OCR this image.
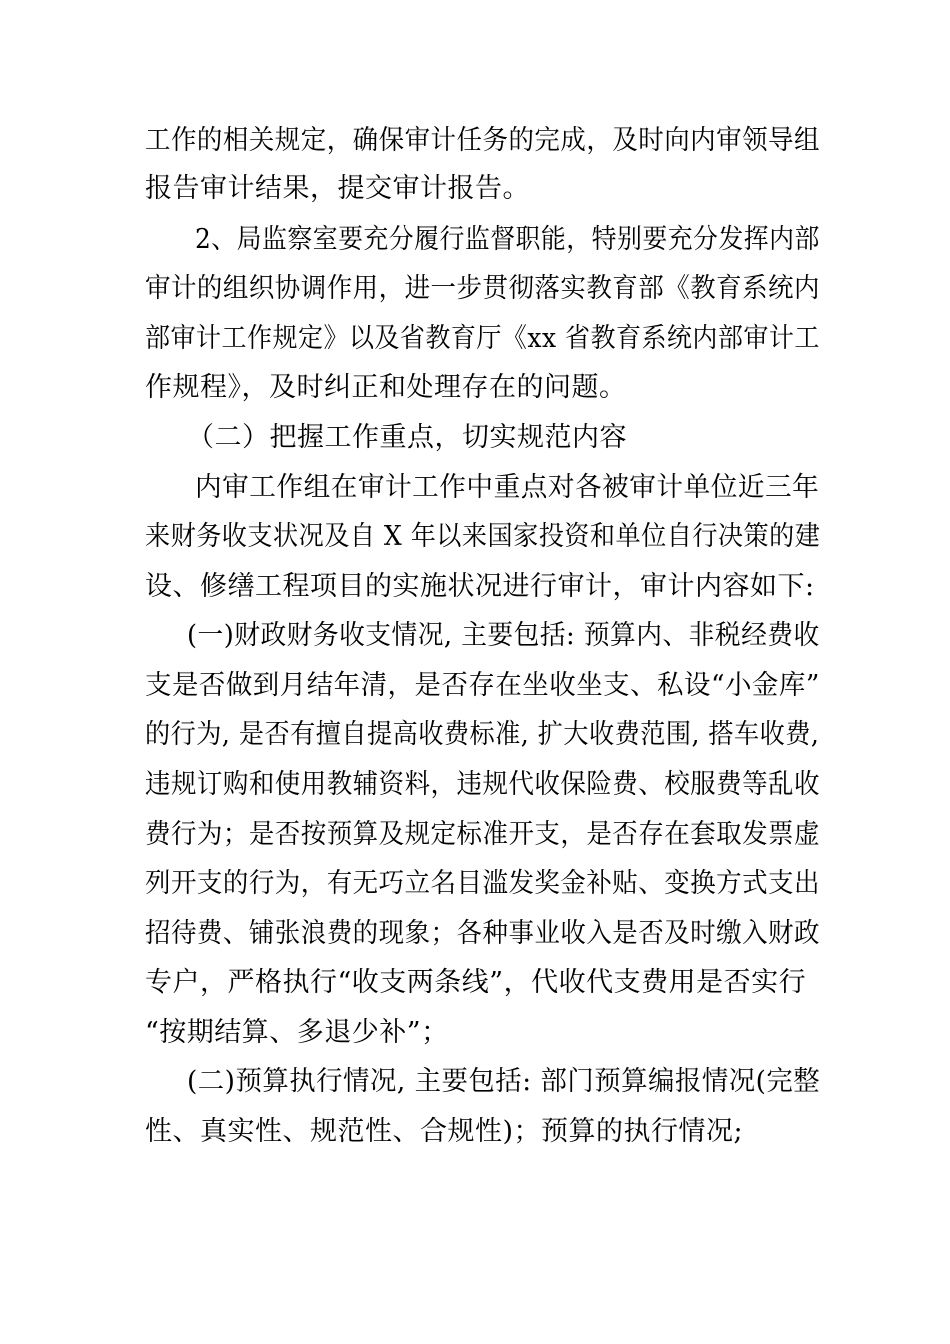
工作的相关规定，确保审计任务的完成，及时向内审领导组
报告审计结果，提交审计报告。
2、局监察室要充分履行监督职能，特别要充分发挥内部
审计的组织协调作用，进一步贯彻落实教育部《教育系统内
部审计工作规定》以及省教育厅《xx 省教育系统内部审计工
作规程》，及时纠正和处理存在的问题。
（二）把握工作重点，切实规范内容
内审工作组在审计工作中重点对各被审计单位近三年
来财务收支状况及自 X 年以来国家投资和单位自行决策的建
设、修缮工程项目的实施状况进行审计，审计内容如下:
(一)财政财务收支情况, 主要包括: 预算内、非税经费收
支是否做到月结年清，是否存在坐收坐支、私设“小金库”
的行为, 是否有擅自提高收费标准, 扩大收费范围, 搭车收费,
违规订购和使用教辅资料，违规代收保险费、校服费等乱收
费行为；是否按预算及规定标准开支，是否存在套取发票虚
列开支的行为，有无巧立名目滥发奖金补贴、变换方式支出
招待费、铺张浪费的现象；各种事业收入是否及时缴入财政
专户，严格执行“收支两条线”，代收代支费用是否实行
“按期结算、多退少补”；
(二)预算执行情况, 主要包括: 部门预算编报情况(完整
性、真实性、规范性、合规性)；预算的执行情况;
